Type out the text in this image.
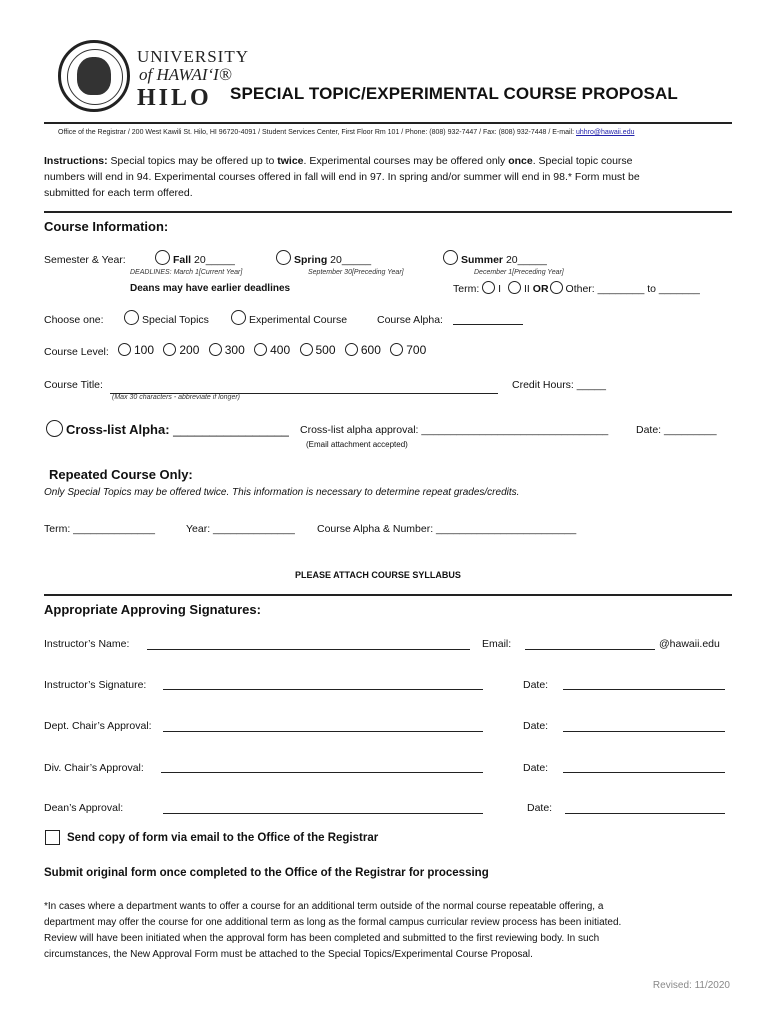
UNIVERSITY
of HAWAI‘I®
HILO	SPECIAL TOPIC/EXPERIMENTAL COURSE PROPOSAL
Office of the Registrar / 200 West Kawili St. Hilo, HI 96720-4091 / Student Services Center, First Floor Rm 101 / Phone: (808) 932-7447 / Fax: (808) 932-7448 / E-mail: uhhro@hawaii.edu
Instructions: Special topics may be offered up to twice. Experimental courses may be offered only once. Special topic course
numbers will end in 94. Experimental courses offered in fall will end in 97. In spring and/or summer will end in 98.* Form must be
submitted for each term offered.
Course Information:
Semester & Year:	Fall 20_____	Spring 20_____	Summer 20_____
DEADLINES: March 1[Current Year]	September 30[Preceding Year]	December 1[Preceding Year]
Deans may have earlier deadlines	Term: I II OR Other: ________ to _______
Choose one:	Special Topics	Experimental Course	Course Alpha:
Course Level:	100 200 300 400 500 600 700
Course Title:
(Max 30 characters - abbreviate if longer)
Credit Hours: _____
Cross-list Alpha: ________________ Cross-list alpha approval: ________________________________	Date: _________
(Email attachment accepted)
Repeated Course Only:
Only Special Topics may be offered twice. This information is necessary to determine repeat grades/credits.
Term: ______________	Year: ______________ Course Alpha & Number: ________________________
PLEASE ATTACH COURSE SYLLABUS
Appropriate Approving Signatures:
Instructor’s Name:	Email:	@hawaii.edu
Instructor’s Signature:	Date:
Dept. Chair’s Approval:	Date:
Div. Chair’s Approval:	Date:
Dean’s Approval:	Date:
Send copy of form via email to the Office of the Registrar
Submit original form once completed to the Office of the Registrar for processing
*In cases where a department wants to offer a course for an additional term outside of the normal course repeatable offering, a
department may offer the course for one additional term as long as the formal campus curricular review process has been initiated.
Review will have been initiated when the approval form has been completed and submitted to the first reviewing body. In such
circumstances, the New Approval Form must be attached to the Special Topics/Experimental Course Proposal.
Revised: 11/2020
